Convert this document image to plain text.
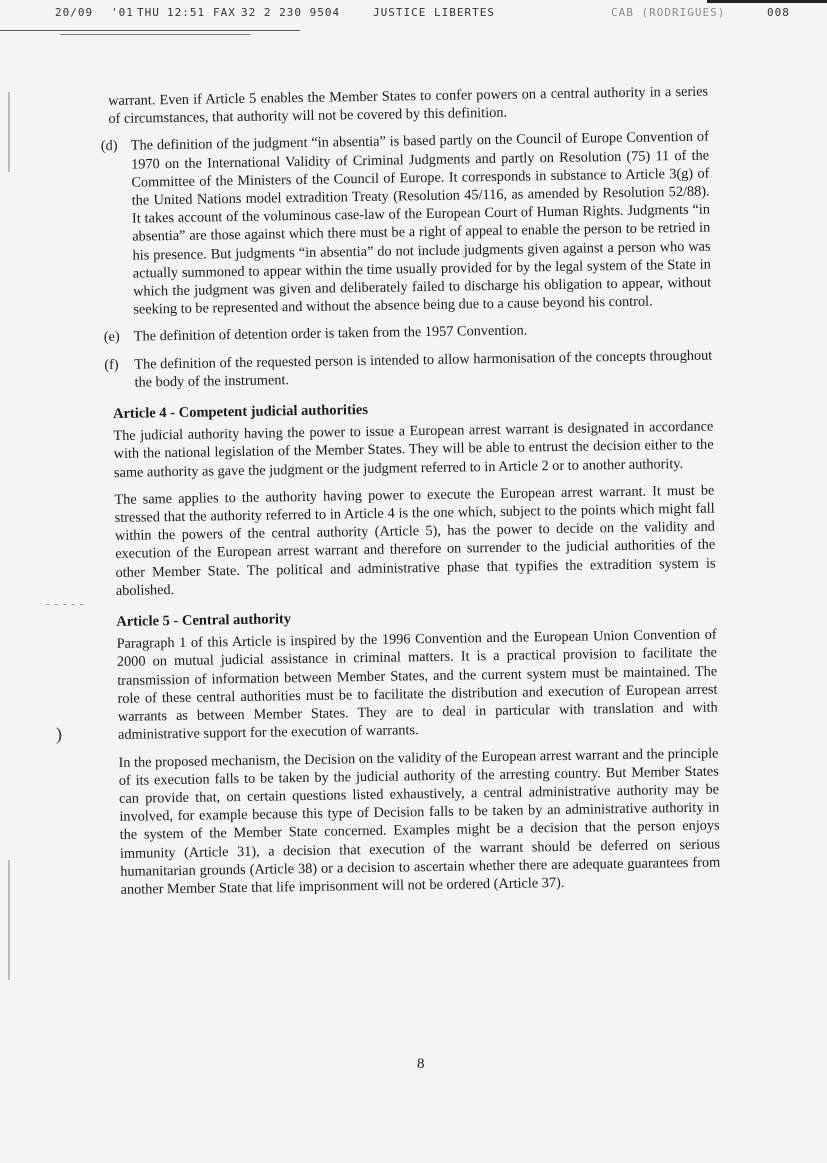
20/09 '01 THU 12:51 FAX 32 2 230 9504	JUSTICE LIBERTES	CAB (RODRIGUES)	008
)
- - - - -

warrant. Even if Article 5 enables the Member States to confer powers on a central authority in a series of circumstances, that authority will not be covered by this definition.

(d) The definition of the judgment “in absentia” is based partly on the Council of Europe Convention of 1970 on the International Validity of Criminal Judgments and partly on Resolution (75) 11 of the Committee of the Ministers of the Council of Europe. It corresponds in substance to Article 3(g) of the United Nations model extradition Treaty (Resolution 45/116, as amended by Resolution 52/88). It takes account of the voluminous case-law of the European Court of Human Rights. Judgments “in absentia” are those against which there must be a right of appeal to enable the person to be retried in his presence. But judgments “in absentia” do not include judgments given against a person who was actually summoned to appear within the time usually provided for by the legal system of the State in which the judgment was given and deliberately failed to discharge his obligation to appear, without seeking to be represented and without the absence being due to a cause beyond his control.
(e) The definition of detention order is taken from the 1957 Convention.
(f) The definition of the requested person is intended to allow harmonisation of the concepts throughout the body of the instrument.
Article 4 - Competent judicial authorities

The judicial authority having the power to issue a European arrest warrant is designated in accordance with the national legislation of the Member States. They will be able to entrust the decision either to the same authority as gave the judgment or the judgment referred to in Article 2 or to another authority.

The same applies to the authority having power to execute the European arrest warrant. It must be stressed that the authority referred to in Article 4 is the one which, subject to the points which might fall within the powers of the central authority (Article 5), has the power to decide on the validity and execution of the European arrest warrant and therefore on surrender to the judicial authorities of the other Member State. The political and administrative phase that typifies the extradition system is abolished.

Article 5 - Central authority

Paragraph 1 of this Article is inspired by the 1996 Convention and the European Union Convention of 2000 on mutual judicial assistance in criminal matters. It is a practical provision to facilitate the transmission of information between Member States, and the current system must be maintained. The role of these central authorities must be to facilitate the distribution and execution of European arrest warrants as between Member States. They are to deal in particular with translation and with administrative support for the execution of warrants.

In the proposed mechanism, the Decision on the validity of the European arrest warrant and the principle of its execution falls to be taken by the judicial authority of the arresting country. But Member States can provide that, on certain questions listed exhaustively, a central administrative authority may be involved, for example because this type of Decision falls to be taken by an administrative authority in the system of the Member State concerned. Examples might be a decision that the person enjoys immunity (Article 31), a decision that execution of the warrant should be deferred on serious humanitarian grounds (Article 38) or a decision to ascertain whether there are adequate guarantees from another Member State that life imprisonment will not be ordered (Article 37).

8
